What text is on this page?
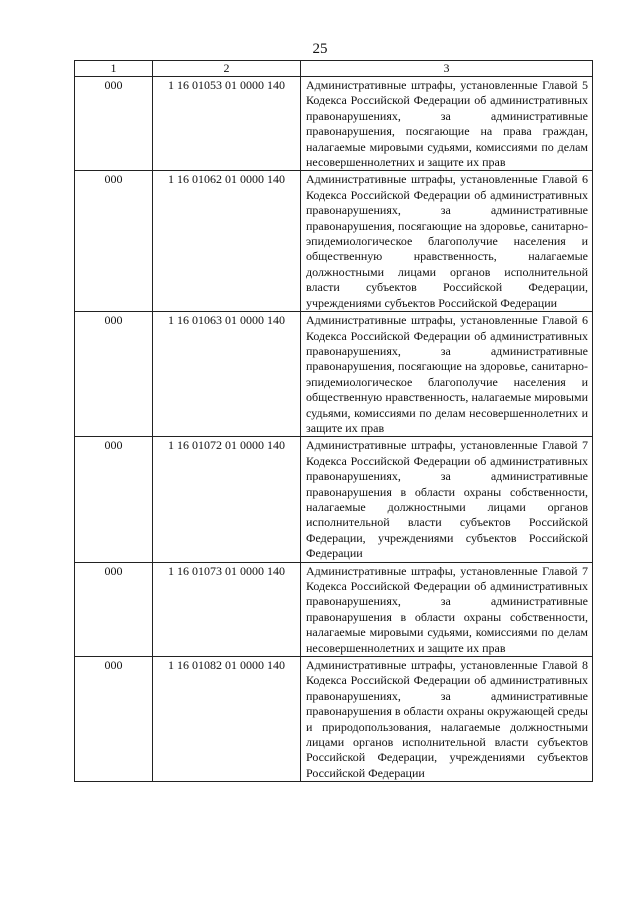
25
1	2	3
000	1 16 01053 01 0000 140	Административные штрафы, установленные Главой 5 Кодекса Российской Федерации об административных правонарушениях, за административные правонарушения, посягающие на права граждан, налагаемые мировыми судьями, комиссиями по делам несовершеннолетних и защите их прав

000	1 16 01062 01 0000 140	Административные штрафы, установленные Главой 6 Кодекса Российской Федерации об административных правонарушениях, за административные правонарушения, посягающие на здоровье, санитарно-эпидемиологическое благополучие населения и общественную нравственность, налагаемые должностными лицами органов исполнительной власти субъектов Российской Федерации, учреждениями субъектов Российской Федерации

000	1 16 01063 01 0000 140	Административные штрафы, установленные Главой 6 Кодекса Российской Федерации об административных правонарушениях, за административные правонарушения, посягающие на здоровье, санитарно-эпидемиологическое благополучие населения и общественную нравственность, налагаемые мировыми судьями, комиссиями по делам несовершеннолетних и защите их прав

000	1 16 01072 01 0000 140	Административные штрафы, установленные Главой 7 Кодекса Российской Федерации об административных правонарушениях, за административные правонарушения в области охраны собственности, налагаемые должностными лицами органов исполнительной власти субъектов Российской Федерации, учреждениями субъектов Российской Федерации

000	1 16 01073 01 0000 140	Административные штрафы, установленные Главой 7 Кодекса Российской Федерации об административных правонарушениях, за административные правонарушения в области охраны собственности, налагаемые мировыми судьями, комиссиями по делам несовершеннолетних и защите их прав

000	1 16 01082 01 0000 140	Административные штрафы, установленные Главой 8 Кодекса Российской Федерации об административных правонарушениях, за административные правонарушения в области охраны окружающей среды и природопользования, налагаемые должностными лицами органов исполнительной власти субъектов Российской Федерации, учреждениями субъектов Российской Федерации
